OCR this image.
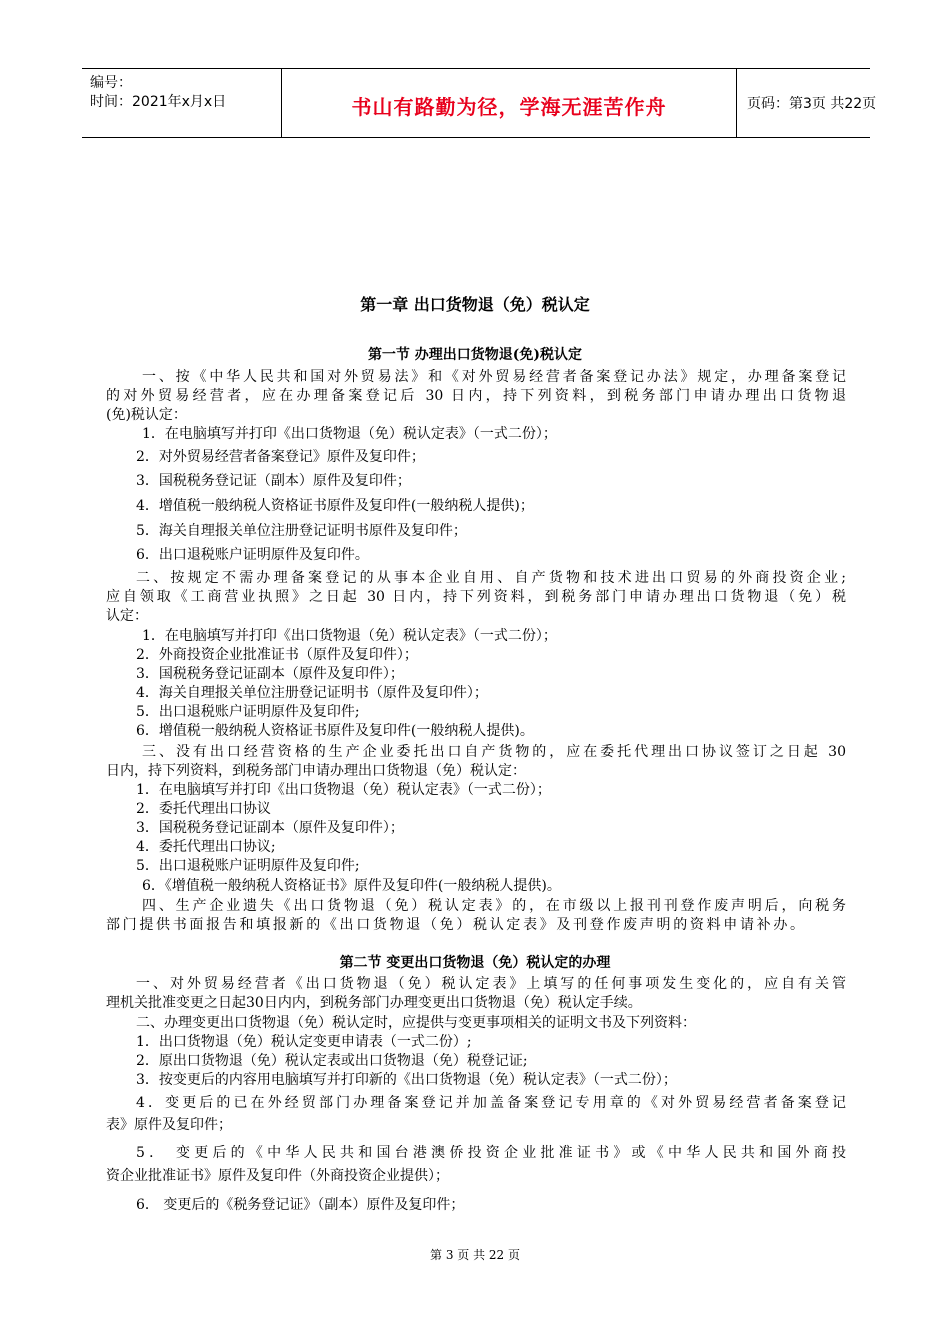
编号：
时间：2021年x月x日	书山有路勤为径，学海无涯苦作舟	页码：第3页 共22页
第一章 出口货物退（免）税认定
第一节 办理出口货物退(免)税认定
一、按《中华人民共和国对外贸易法》和《对外贸易经营者备案登记办法》规定，办理备案登记
的对外贸易经营者，应在办理备案登记后 30 日内，持下列资料，到税务部门申请办理出口货物退
(免)税认定：
1．在电脑填写并打印《出口货物退（免）税认定表》（一式二份）；
2．对外贸易经营者备案登记》原件及复印件；
3．国税税务登记证（副本）原件及复印件；
4．增值税一般纳税人资格证书原件及复印件(一般纳税人提供)；
5．海关自理报关单位注册登记证明书原件及复印件；
6．出口退税账户证明原件及复印件。
二、按规定不需办理备案登记的从事本企业自用、自产货物和技术进出口贸易的外商投资企业;
应自领取《工商营业执照》之日起 30 日内，持下列资料，到税务部门申请办理出口货物退（免）税
认定：
1．在电脑填写并打印《出口货物退（免）税认定表》（一式二份）；
2．外商投资企业批准证书（原件及复印件）；
3．国税税务登记证副本（原件及复印件）；
4．海关自理报关单位注册登记证明书（原件及复印件）；
5．出口退税账户证明原件及复印件;
6．增值税一般纳税人资格证书原件及复印件(一般纳税人提供)。
三、没有出口经营资格的生产企业委托出口自产货物的，应在委托代理出口协议签订之日起 30
日内，持下列资料，到税务部门申请办理出口货物退（免）税认定：
1．在电脑填写并打印《出口货物退（免）税认定表》（一式二份）；
2．委托代理出口协议
3．国税税务登记证副本（原件及复印件）；
4．委托代理出口协议;
5．出口退税账户证明原件及复印件;
6．《增值税一般纳税人资格证书》原件及复印件(一般纳税人提供)。
四、生产企业遗失《出口货物退（免）税认定表》的，在市级以上报刊刊登作废声明后，向税务
部门提供书面报告和填报新的《出口货物退（免）税认定表》及刊登作废声明的资料申请补办。
第二节 变更出口货物退（免）税认定的办理
一、对外贸易经营者《出口货物退（免）税认定表》上填写的任何事项发生变化的，应自有关管
理机关批准变更之日起30日内内，到税务部门办理变更出口货物退（免）税认定手续。
二、办理变更出口货物退（免）税认定时，应提供与变更事项相关的证明文书及下列资料：
1．出口货物退（免）税认定变更申请表（一式二份）;
2．原出口货物退（免）税认定表或出口货物退（免）税登记证;
3．按变更后的内容用电脑填写并打印新的《出口货物退（免）税认定表》（一式二份）；
4．变更后的已在外经贸部门办理备案登记并加盖备案登记专用章的《对外贸易经营者备案登记
表》原件及复印件；
5． 变更后的《中华人民共和国台港澳侨投资企业批准证书》或《中华人民共和国外商投
资企业批准证书》原件及复印件（外商投资企业提供）；
6． 变更后的《税务登记证》（副本）原件及复印件；
第 3 页 共 22 页
